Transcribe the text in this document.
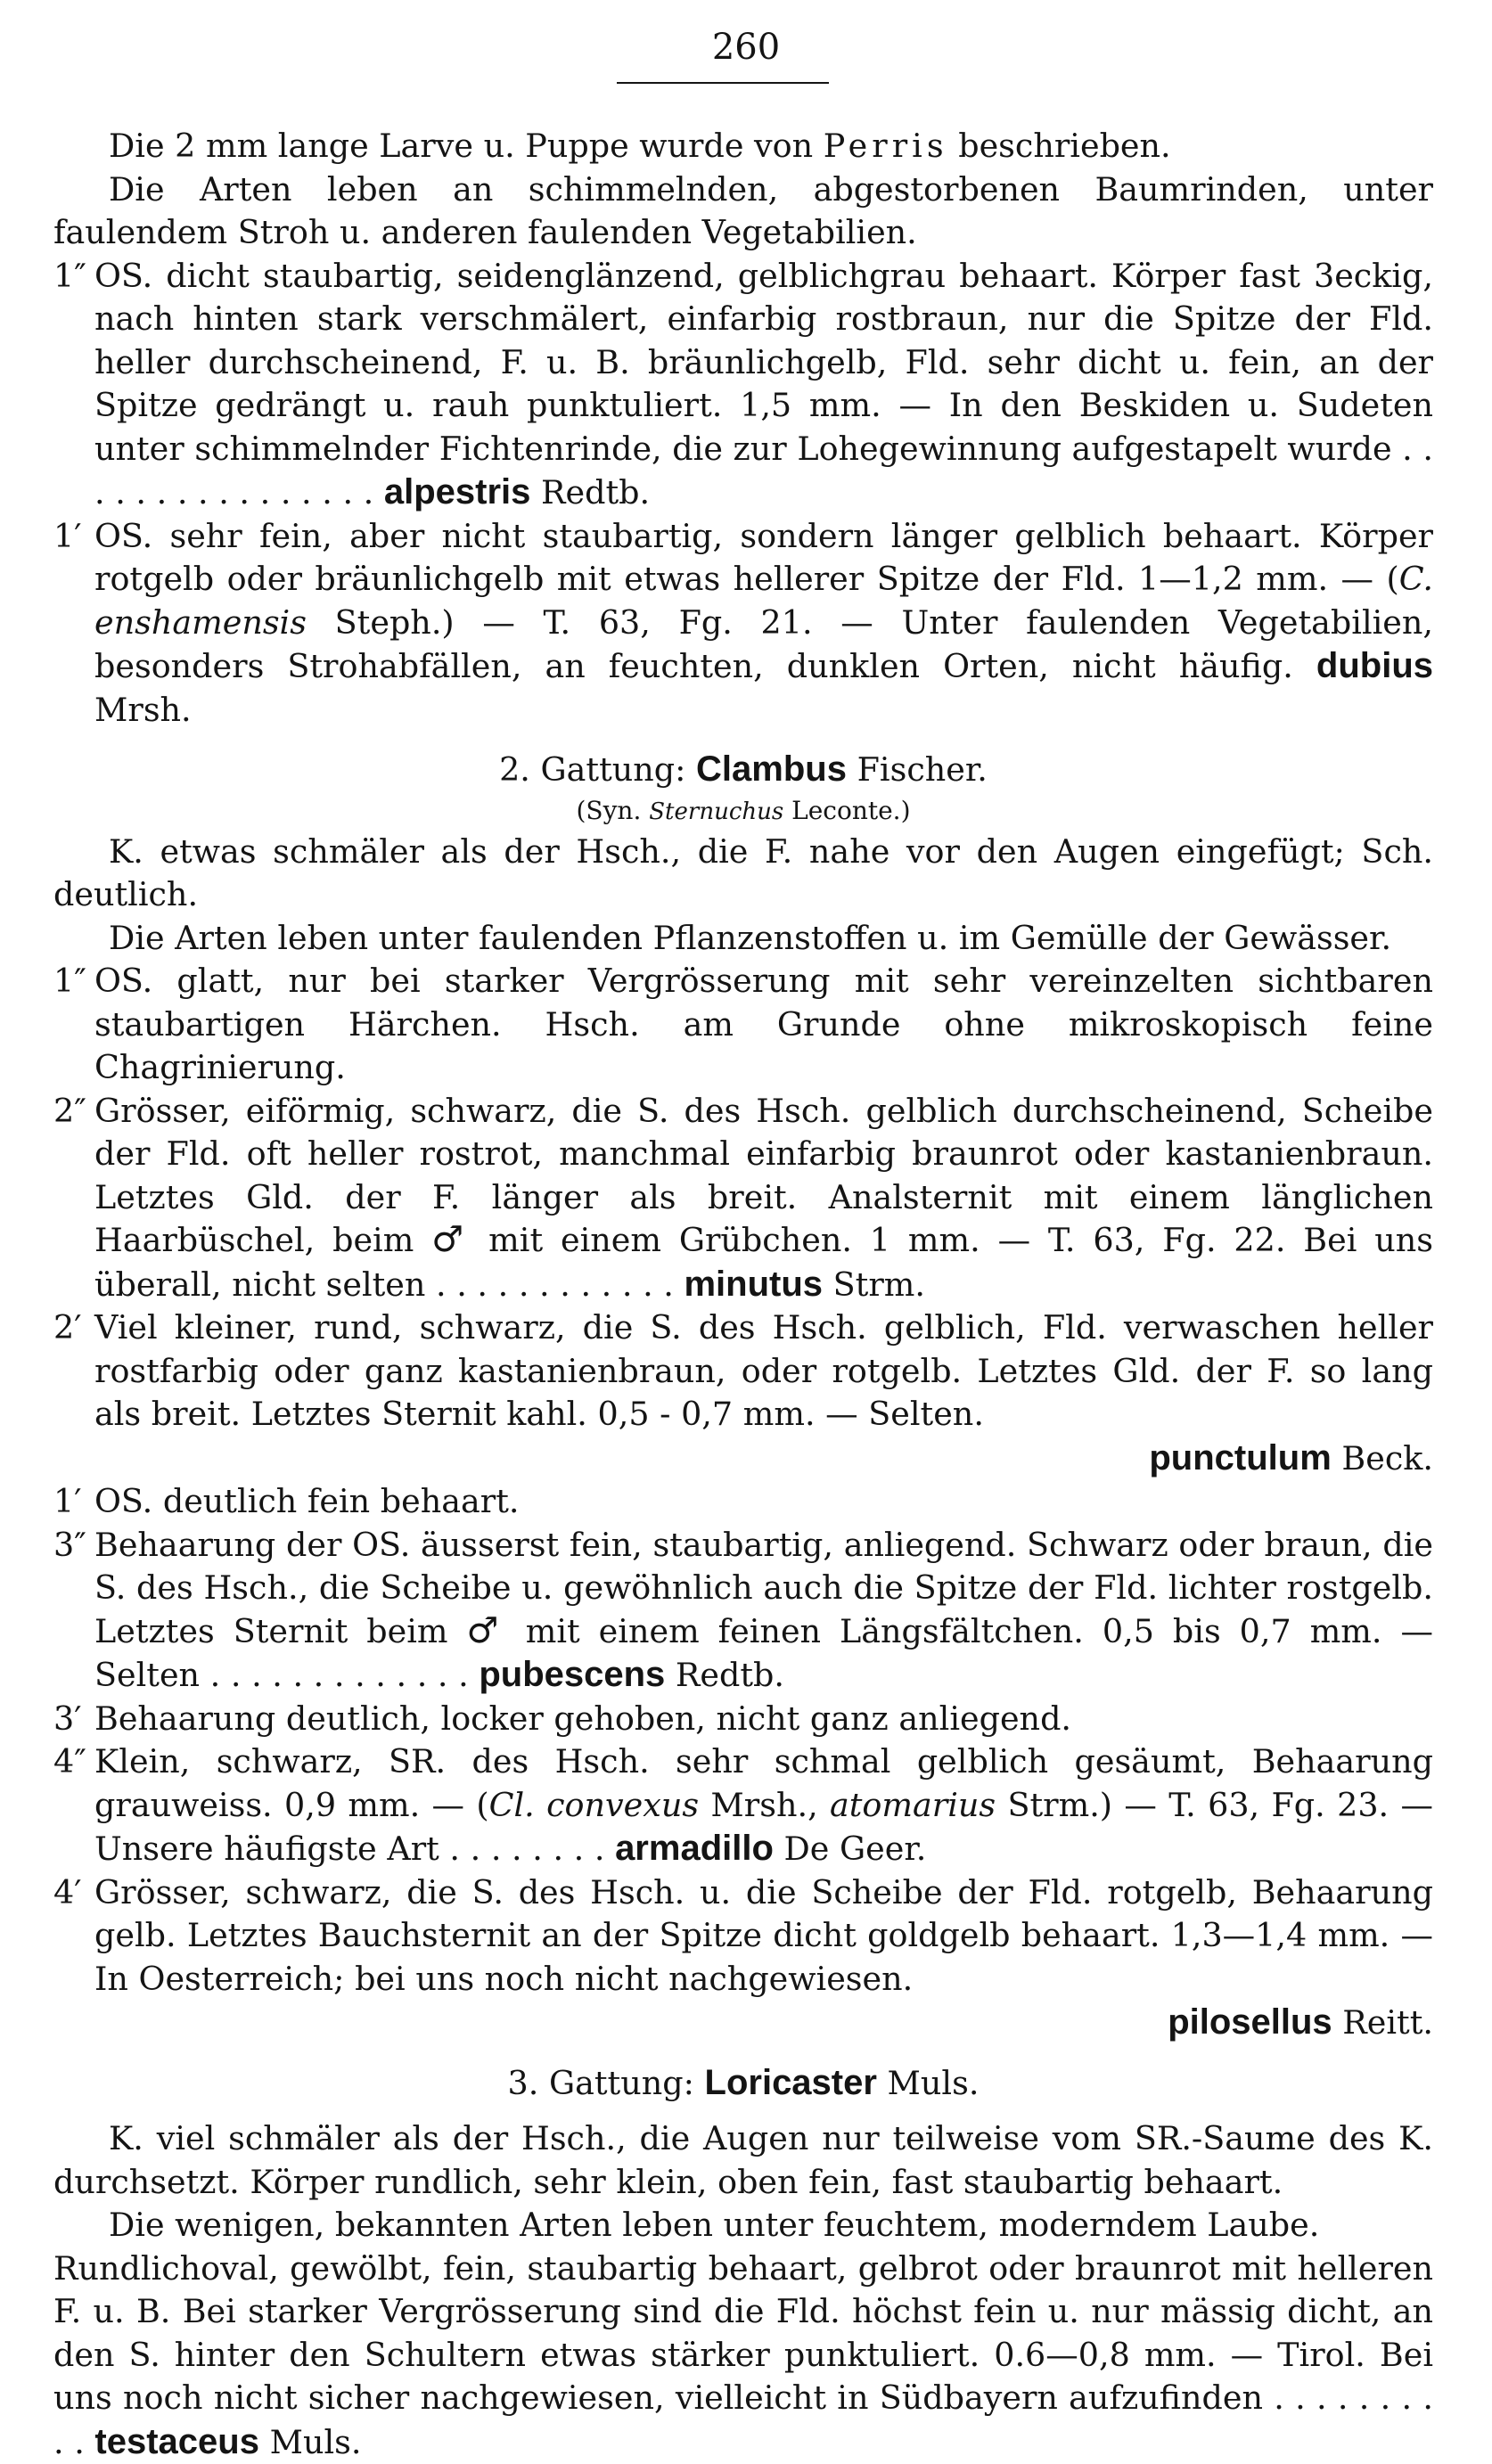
260

Die 2 mm lange Larve u. Puppe wurde von Perris beschrieben.

Die Arten leben an schimmelnden, abgestorbenen Baumrinden, unter faulendem Stroh u. anderen faulenden Vegetabilien.

1″ OS. dicht staubartig, seidenglänzend, gelblichgrau behaart. Körper fast 3eckig, nach hinten stark verschmälert, einfarbig rostbraun, nur die Spitze der Fld. heller durchscheinend, F. u. B. bräunlichgelb, Fld. sehr dicht u. fein, an der Spitze gedrängt u. rauh punktuliert. 1,5 mm. — In den Beskiden u. Sudeten unter schimmelnder Fichtenrinde, die zur Lohegewinnung aufgestapelt wurde . . . . . . . . . . . . . . . . alpestris Redtb.
1′ OS. sehr fein, aber nicht staubartig, sondern länger gelblich behaart. Körper rotgelb oder bräunlichgelb mit etwas hellerer Spitze der Fld. 1—1,2 mm. — (C. enshamensis Steph.) — T. 63, Fg. 21. — Unter faulenden Vegetabilien, besonders Strohabfällen, an feuchten, dunklen Orten, nicht häufig. dubius Mrsh.
2. Gattung: Clambus Fischer.
(Syn. Sternuchus Leconte.)

K. etwas schmäler als der Hsch., die F. nahe vor den Augen eingefügt; Sch. deutlich.

Die Arten leben unter faulenden Pflanzenstoffen u. im Gemülle der Gewässer.

1″ OS. glatt, nur bei starker Vergrösserung mit sehr vereinzelten sichtbaren staubartigen Härchen. Hsch. am Grunde ohne mikroskopisch feine Chagrinierung.
2″ Grösser, eiförmig, schwarz, die S. des Hsch. gelblich durchscheinend, Scheibe der Fld. oft heller rostrot, manchmal einfarbig braunrot oder kastanienbraun. Letztes Gld. der F. länger als breit. Analsternit mit einem länglichen Haarbüschel, beim ♂ mit einem Grübchen. 1 mm. — T. 63, Fg. 22. Bei uns überall, nicht selten . . . . . . . . . . . . minutus Strm.
2′ Viel kleiner, rund, schwarz, die S. des Hsch. gelblich, Fld. verwaschen heller rostfarbig oder ganz kastanienbraun, oder rotgelb. Letztes Gld. der F. so lang als breit. Letztes Sternit kahl. 0,5 - 0,7 mm. — Selten.
punctulum Beck.
1′ OS. deutlich fein behaart.
3″ Behaarung der OS. äusserst fein, staubartig, anliegend. Schwarz oder braun, die S. des Hsch., die Scheibe u. gewöhnlich auch die Spitze der Fld. lichter rostgelb. Letztes Sternit beim ♂ mit einem feinen Längsfältchen. 0,5 bis 0,7 mm. — Selten . . . . . . . . . . . . . pubescens Redtb.
3′ Behaarung deutlich, locker gehoben, nicht ganz anliegend.
4″ Klein, schwarz, SR. des Hsch. sehr schmal gelblich gesäumt, Behaarung grauweiss. 0,9 mm. — (Cl. convexus Mrsh., atomarius Strm.) — T. 63, Fg. 23. — Unsere häufigste Art . . . . . . . . armadillo De Geer.
4′ Grösser, schwarz, die S. des Hsch. u. die Scheibe der Fld. rotgelb, Behaarung gelb. Letztes Bauchsternit an der Spitze dicht goldgelb behaart. 1,3—1,4 mm. — In Oesterreich; bei uns noch nicht nachgewiesen.
pilosellus Reitt.
3. Gattung: Loricaster Muls.

K. viel schmäler als der Hsch., die Augen nur teilweise vom SR.-Saume des K. durchsetzt. Körper rundlich, sehr klein, oben fein, fast staubartig behaart.

Die wenigen, bekannten Arten leben unter feuchtem, moderndem Laube.

Rundlichoval, gewölbt, fein, staubartig behaart, gelbrot oder braunrot mit helleren F. u. B. Bei starker Vergrösserung sind die Fld. höchst fein u. nur mässig dicht, an den S. hinter den Schultern etwas stärker punktuliert. 0.6—0,8 mm. — Tirol. Bei uns noch nicht sicher nachgewiesen, vielleicht in Südbayern aufzufinden . . . . . . . . . . testaceus Muls.
